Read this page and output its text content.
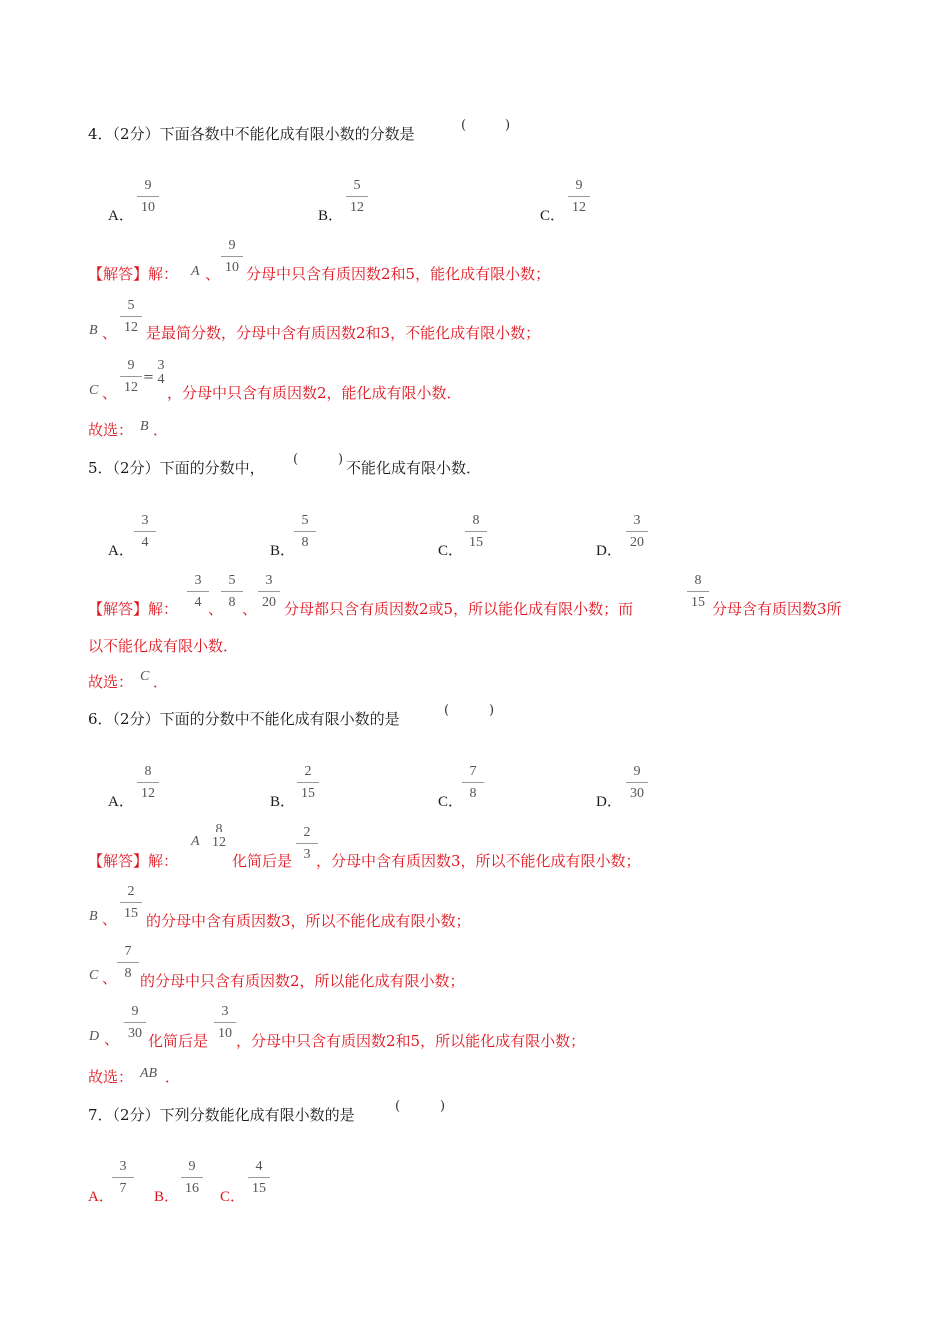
4．（2分）下面各数中不能化成有限小数的分数是	(	)
A． $\frac{9}{10}$	B． $\frac{5}{12}$	C． $\frac{9}{12}$
【解答】解： A 、 $\frac{9}{10}$ 分母中只含有质因数2和5，能化成有限小数；
B 、 $\frac{5}{12}$ 是最简分数，分母中含有质因数2和3，不能化成有限小数；
C 、 $\frac{9}{12}$ =
3
4
，分母中只含有质因数2，能化成有限小数．
故选： B ．
5．（2分）下面的分数中， (	) 不能化成有限小数．
A． $\frac{3}{4}$	B．
$\frac{5}{8}$	C． $\frac{8}{15}$	D． $\frac{3}{20}$
【解答】解： $\frac{3}{4}$ 、
$\frac{5}{8}$ 、 $\frac{3}{20}$ 分母都只含有质因数2或5，所以能化成有限小数；而	$\frac{8}{15}$ 分母含有质因数3所
以不能化成有限小数．
故选： C ．
6．（2分）下面的分数中不能化成有限小数的是	(	)
A． $\frac{8}{12}$	B． $\frac{2}{15}$	C．
$\frac{7}{8}$	D． $\frac{9}{30}$
【解答】解：
A
8
12
化简后是 $\frac{2}{3}$
，分母中含有质因数3，所以不能化成有限小数；
B 、 $\frac{2}{15}$ 的分母中含有质因数3，所以不能化成有限小数；
C 、 $\frac{7}{8}$ 的分母中只含有质因数2，所以能化成有限小数；
D 、 $\frac{9}{30}$ 化简后是 $\frac{3}{10}$ ，分母中只含有质因数2和5，所以能化成有限小数；
故选： AB ．
7．（2分）下列分数能化成有限小数的是	(	)
A．
$\frac{3}{7}$ B． $\frac{9}{16}$ C． $\frac{4}{15}$
